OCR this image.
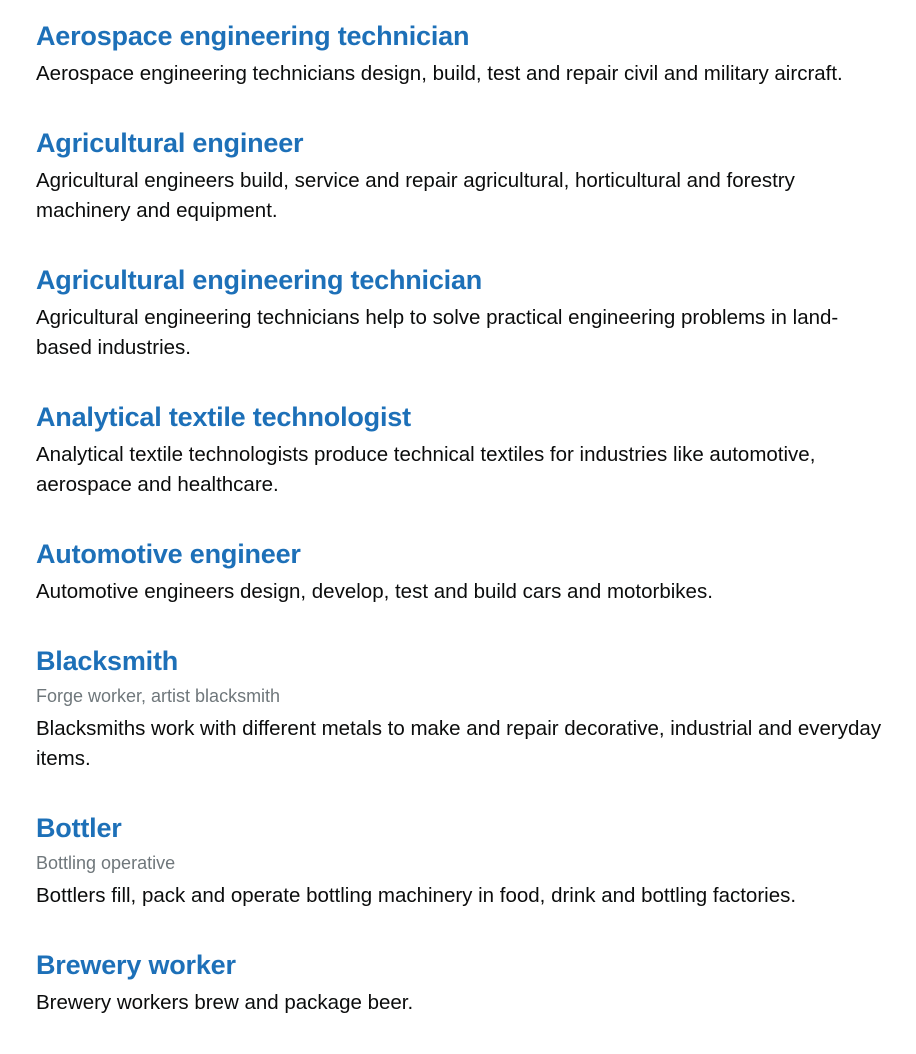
Aerospace engineering technician

Aerospace engineering technicians design, build, test and repair civil and military aircraft.

Agricultural engineer

Agricultural engineers build, service and repair agricultural, horticultural and forestry machinery and equipment.

Agricultural engineering technician

Agricultural engineering technicians help to solve practical engineering problems in land-based industries.

Analytical textile technologist

Analytical textile technologists produce technical textiles for industries like automotive, aerospace and healthcare.

Automotive engineer

Automotive engineers design, develop, test and build cars and motorbikes.

Blacksmith

Forge worker, artist blacksmith

Blacksmiths work with different metals to make and repair decorative, industrial and everyday items.

Bottler

Bottling operative

Bottlers fill, pack and operate bottling machinery in food, drink and bottling factories.

Brewery worker

Brewery workers brew and package beer.
